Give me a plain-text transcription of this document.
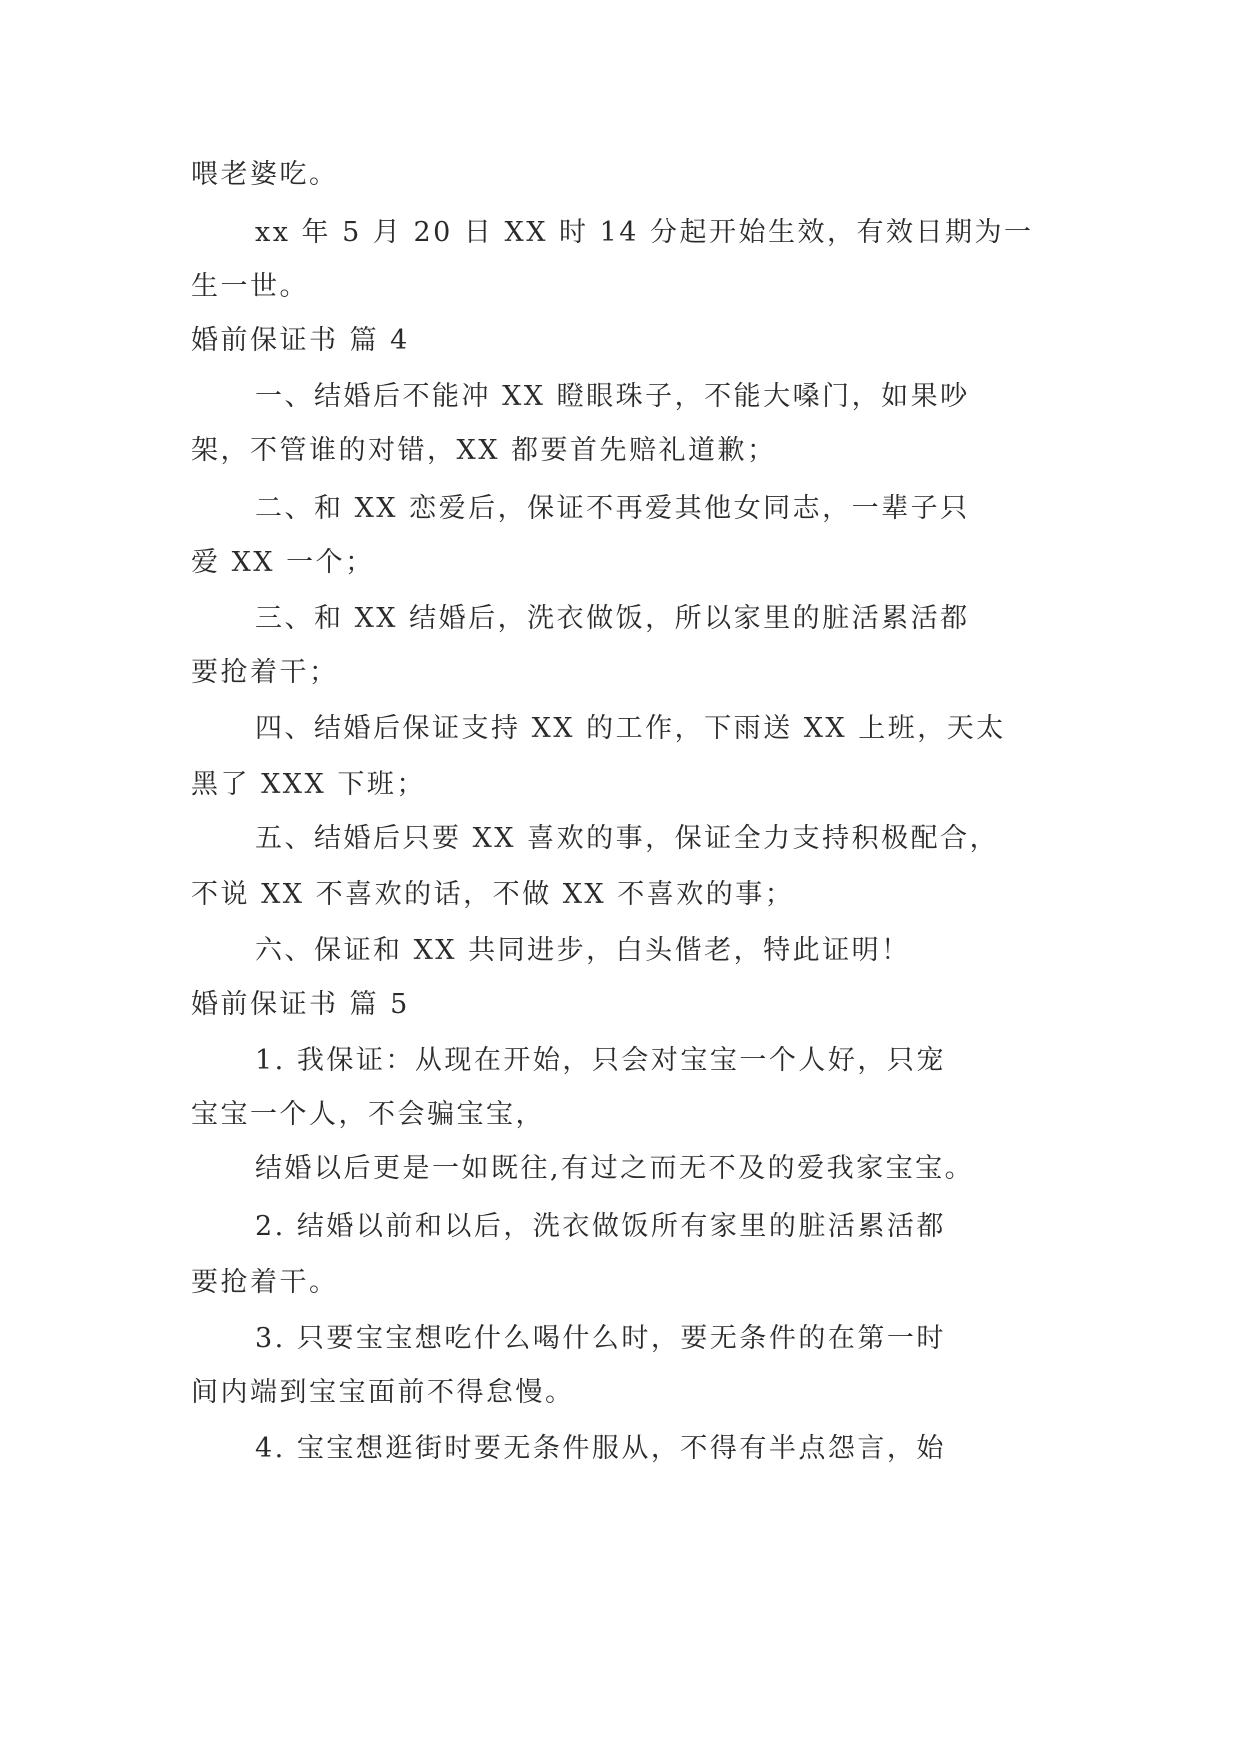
喂老婆吃。
xx 年 5 月 20 日 XX 时 14 分起开始生效，有效日期为一
生一世。
婚前保证书 篇 4
一、结婚后不能冲 XX 瞪眼珠子，不能大嗓门，如果吵
架，不管谁的对错，XX 都要首先赔礼道歉；
二、和 XX 恋爱后，保证不再爱其他女同志，一辈子只
爱 XX 一个；
三、和 XX 结婚后，洗衣做饭，所以家里的脏活累活都
要抢着干；
四、结婚后保证支持 XX 的工作，下雨送 XX 上班，天太
黑了 XXX 下班；
五、结婚后只要 XX 喜欢的事，保证全力支持积极配合，
不说 XX 不喜欢的话，不做 XX 不喜欢的事；
六、保证和 XX 共同进步，白头偕老，特此证明！
婚前保证书 篇 5
1. 我保证：从现在开始，只会对宝宝一个人好，只宠
宝宝一个人，不会骗宝宝，
结婚以后更是一如既往,有过之而无不及的爱我家宝宝。
2. 结婚以前和以后，洗衣做饭所有家里的脏活累活都
要抢着干。
3. 只要宝宝想吃什么喝什么时，要无条件的在第一时
间内端到宝宝面前不得怠慢。
4. 宝宝想逛街时要无条件服从，不得有半点怨言，始
